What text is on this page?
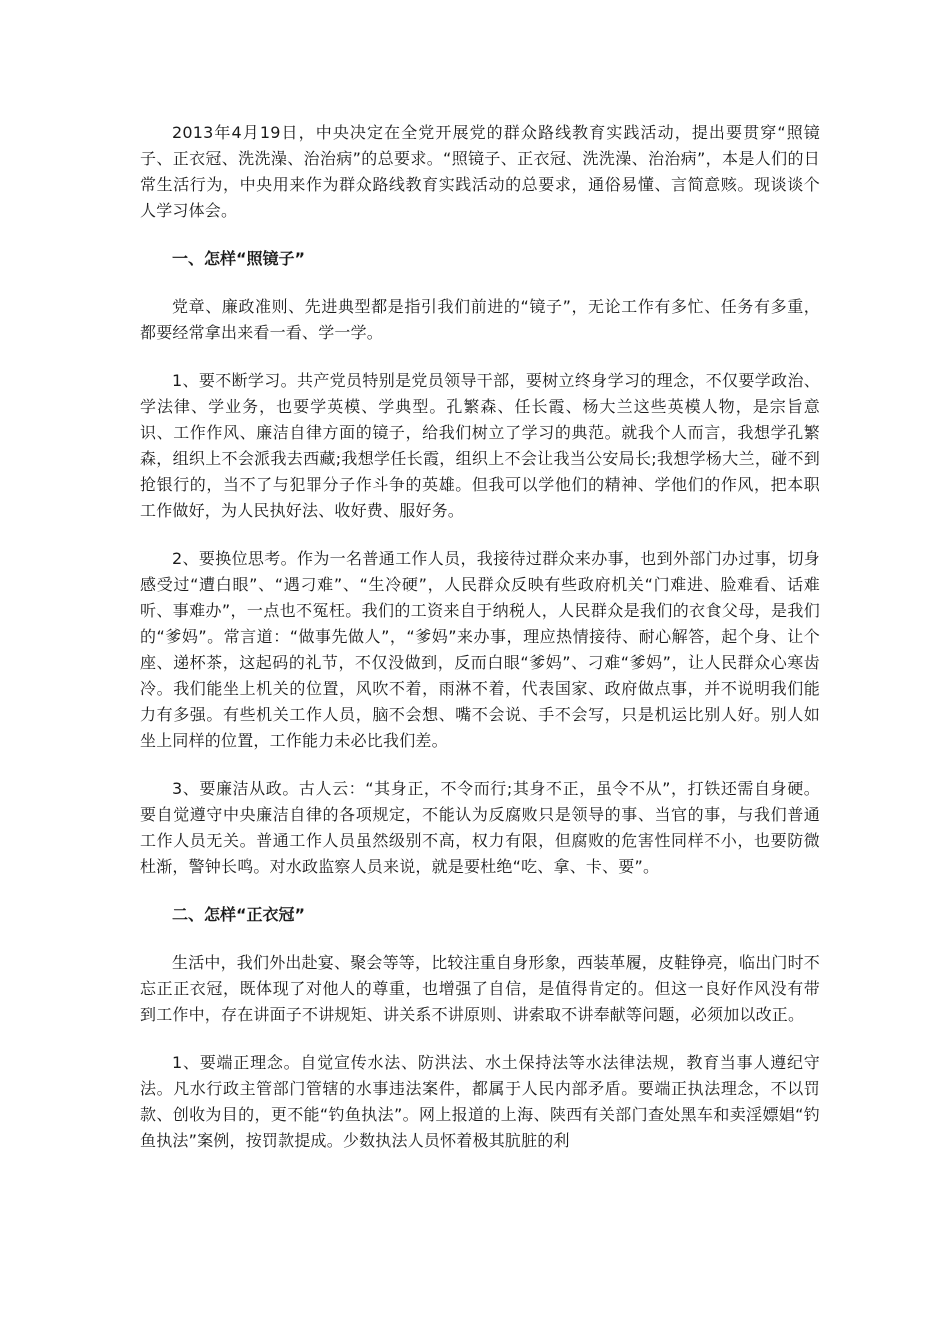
2013年4月19日，中央决定在全党开展党的群众路线教育实践活动，提出要贯穿“照镜子、正衣冠、洗洗澡、治治病”的总要求。“照镜子、正衣冠、洗洗澡、治治病”，本是人们的日常生活行为，中央用来作为群众路线教育实践活动的总要求，通俗易懂、言简意赅。现谈谈个人学习体会。

一、怎样“照镜子”

党章、廉政准则、先进典型都是指引我们前进的“镜子”，无论工作有多忙、任务有多重，都要经常拿出来看一看、学一学。

1、要不断学习。共产党员特别是党员领导干部，要树立终身学习的理念，不仅要学政治、学法律、学业务，也要学英模、学典型。孔繁森、任长霞、杨大兰这些英模人物，是宗旨意识、工作作风、廉洁自律方面的镜子，给我们树立了学习的典范。就我个人而言，我想学孔繁森，组织上不会派我去西藏;我想学任长霞，组织上不会让我当公安局长;我想学杨大兰，碰不到抢银行的，当不了与犯罪分子作斗争的英雄。但我可以学他们的精神、学他们的作风，把本职工作做好，为人民执好法、收好费、服好务。

2、要换位思考。作为一名普通工作人员，我接待过群众来办事，也到外部门办过事，切身感受过“遭白眼”、“遇刁难”、“生冷硬”，人民群众反映有些政府机关“门难进、脸难看、话难听、事难办”，一点也不冤枉。我们的工资来自于纳税人，人民群众是我们的衣食父母，是我们的“爹妈”。常言道：“做事先做人”，“爹妈”来办事，理应热情接待、耐心解答，起个身、让个座、递杯茶，这起码的礼节，不仅没做到，反而白眼“爹妈”、刁难“爹妈”，让人民群众心寒齿冷。我们能坐上机关的位置，风吹不着，雨淋不着，代表国家、政府做点事，并不说明我们能力有多强。有些机关工作人员，脑不会想、嘴不会说、手不会写，只是机运比别人好。别人如坐上同样的位置，工作能力未必比我们差。

3、要廉洁从政。古人云：“其身正，不令而行;其身不正，虽令不从”，打铁还需自身硬。要自觉遵守中央廉洁自律的各项规定，不能认为反腐败只是领导的事、当官的事，与我们普通工作人员无关。普通工作人员虽然级别不高，权力有限，但腐败的危害性同样不小，也要防微杜渐，警钟长鸣。对水政监察人员来说，就是要杜绝“吃、拿、卡、要”。

二、怎样“正衣冠”

生活中，我们外出赴宴、聚会等等，比较注重自身形象，西装革履，皮鞋铮亮，临出门时不忘正正衣冠，既体现了对他人的尊重，也增强了自信，是值得肯定的。但这一良好作风没有带到工作中，存在讲面子不讲规矩、讲关系不讲原则、讲索取不讲奉献等问题，必须加以改正。

1、要端正理念。自觉宣传水法、防洪法、水土保持法等水法律法规，教育当事人遵纪守法。凡水行政主管部门管辖的水事违法案件，都属于人民内部矛盾。要端正执法理念，不以罚款、创收为目的，更不能“钓鱼执法”。网上报道的上海、陕西有关部门查处黑车和卖淫嫖娼“钓鱼执法”案例，按罚款提成。少数执法人员怀着极其肮脏的利
